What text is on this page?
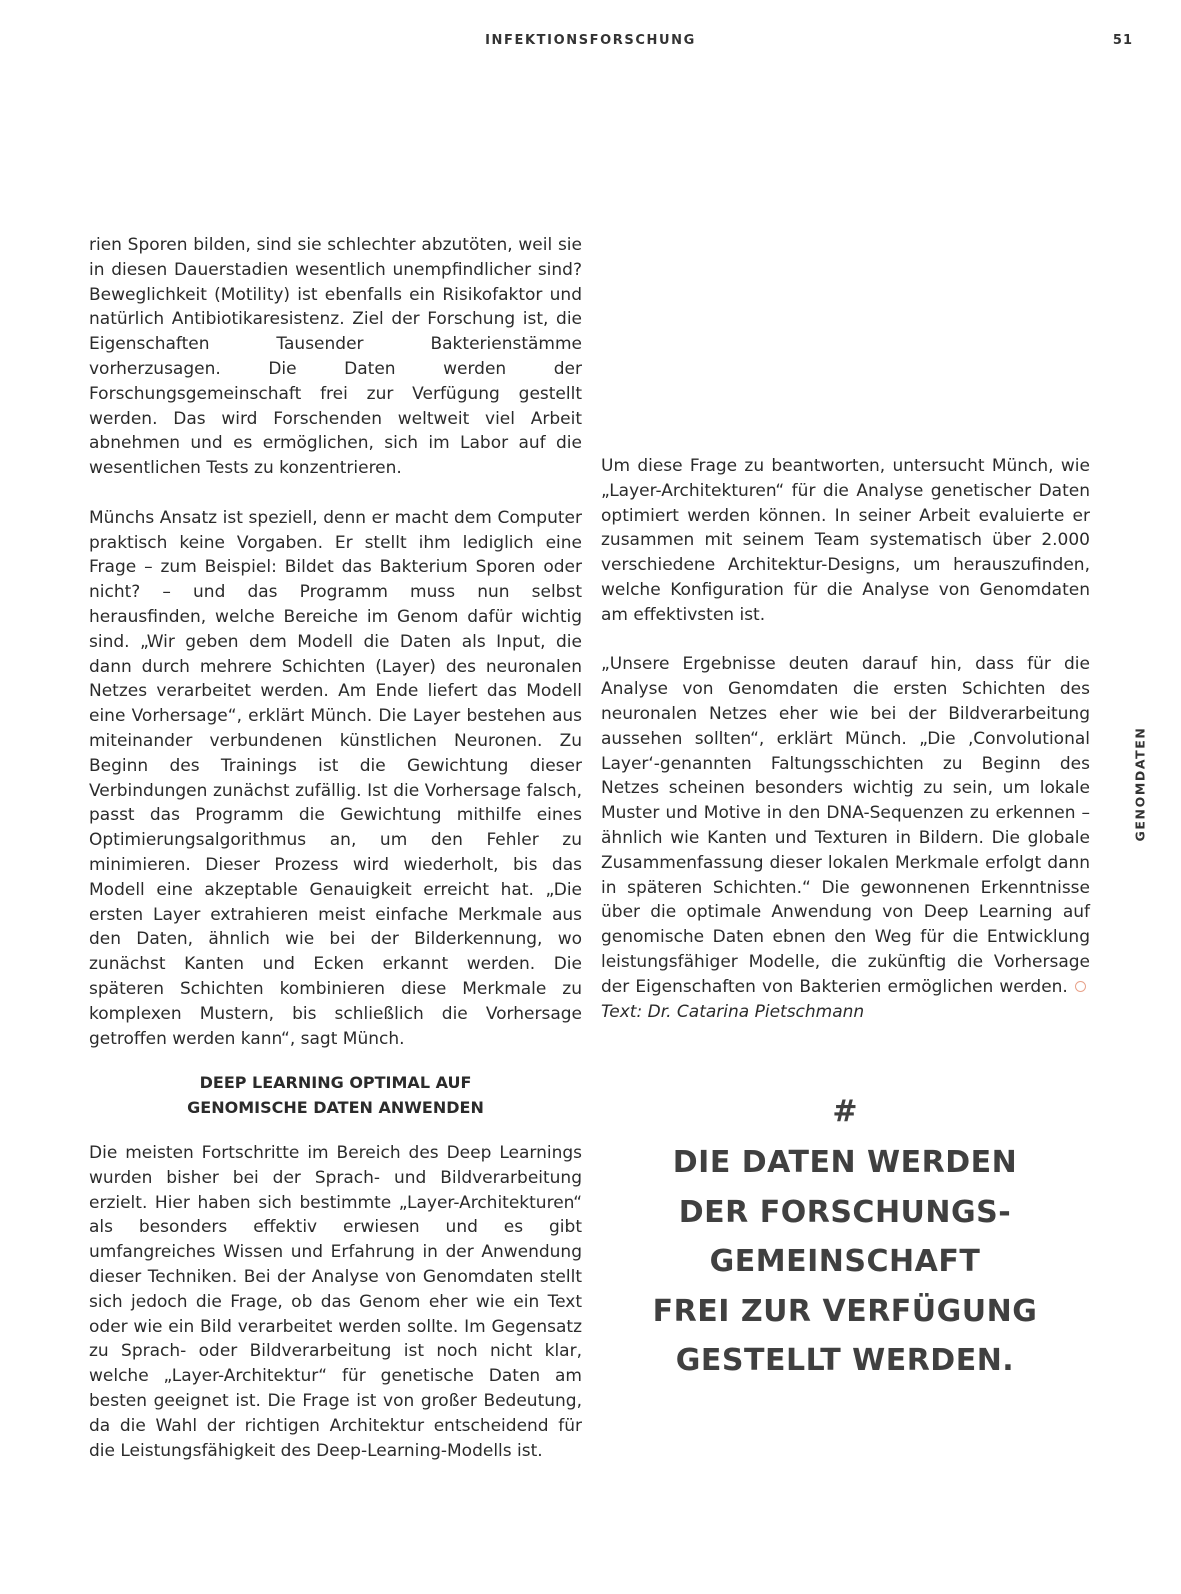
INFEKTIONSFORSCHUNG	51
GENOMDATEN

rien Sporen bilden, sind sie schlechter abzutöten, weil sie in diesen Dauerstadien wesentlich unempfindlicher sind? Beweglichkeit (Motility) ist ebenfalls ein Risikofaktor und natürlich Antibiotikaresistenz. Ziel der Forschung ist, die Eigenschaften Tausender Bakterienstämme vorherzusagen. Die Daten werden der Forschungsgemeinschaft frei zur Verfügung gestellt werden. Das wird Forschenden weltweit viel Arbeit abnehmen und es ermöglichen, sich im Labor auf die wesentlichen Tests zu konzentrieren.

Münchs Ansatz ist speziell, denn er macht dem Computer praktisch keine Vorgaben. Er stellt ihm lediglich eine Frage – zum Beispiel: Bildet das Bakterium Sporen oder nicht? – und das Programm muss nun selbst herausfinden, welche Bereiche im Genom dafür wichtig sind. „Wir geben dem Modell die Daten als Input, die dann durch mehrere Schichten (Layer) des neuronalen Netzes verarbeitet werden. Am Ende liefert das Modell eine Vorhersage“, erklärt Münch. Die Layer bestehen aus miteinander verbundenen künstlichen Neuronen. Zu Beginn des Trainings ist die Gewichtung dieser Verbindungen zunächst zufällig. Ist die Vorhersage falsch, passt das Programm die Gewichtung mithilfe eines Optimierungsalgorithmus an, um den Fehler zu minimieren. Dieser Prozess wird wiederholt, bis das Modell eine akzeptable Genauigkeit erreicht hat. „Die ersten Layer extrahieren meist einfache Merkmale aus den Daten, ähnlich wie bei der Bilderkennung, wo zunächst Kanten und Ecken erkannt werden. Die späteren Schichten kombinieren diese Merkmale zu komplexen Mustern, bis schließlich die Vorhersage getroffen werden kann“, sagt Münch.

DEEP LEARNING OPTIMAL AUF
GENOMISCHE DATEN ANWENDEN

Die meisten Fortschritte im Bereich des Deep Learnings wurden bisher bei der Sprach- und Bildverarbeitung erzielt. Hier haben sich bestimmte „Layer-Architekturen“ als besonders effektiv erwiesen und es gibt umfangreiches Wissen und Erfahrung in der Anwendung dieser Techniken. Bei der Analyse von Genomdaten stellt sich jedoch die Frage, ob das Genom eher wie ein Text oder wie ein Bild verarbeitet werden sollte. Im Gegensatz zu Sprach- oder Bildverarbeitung ist noch nicht klar, welche „Layer-Architektur“ für genetische Daten am besten geeignet ist. Die Frage ist von großer Bedeutung, da die Wahl der richtigen Architektur entscheidend für die Leistungsfähigkeit des Deep-Learning-Modells ist.

Um diese Frage zu beantworten, untersucht Münch, wie „Layer-Architekturen“ für die Analyse genetischer Daten optimiert werden können. In seiner Arbeit evaluierte er zusammen mit seinem Team systematisch über 2.000 verschiedene Architektur-Designs, um herauszufinden, welche Konfiguration für die Analyse von Genomdaten am effektivsten ist.

„Unsere Ergebnisse deuten darauf hin, dass für die Analyse von Genomdaten die ersten Schichten des neuronalen Netzes eher wie bei der Bildverarbeitung aussehen sollten“, erklärt Münch. „Die ‚Convolutional Layer‘-genannten Faltungsschichten zu Beginn des Netzes scheinen besonders wichtig zu sein, um lokale Muster und Motive in den DNA-Sequenzen zu erkennen – ähnlich wie Kanten und Texturen in Bildern. Die globale Zusammenfassung dieser lokalen Merkmale erfolgt dann in späteren Schichten.“ Die gewonnenen Erkenntnisse über die optimale Anwendung von Deep Learning auf genomische Daten ebnen den Weg für die Entwicklung leistungsfähiger Modelle, die zukünftig die Vorhersage der Eigenschaften von Bakterien ermöglichen werden. Text: Dr. Catarina Pietschmann

#
DIE DATEN WERDEN
DER FORSCHUNGS-
GEMEINSCHAFT
FREI ZUR VERFÜGUNG
GESTELLT WERDEN.
